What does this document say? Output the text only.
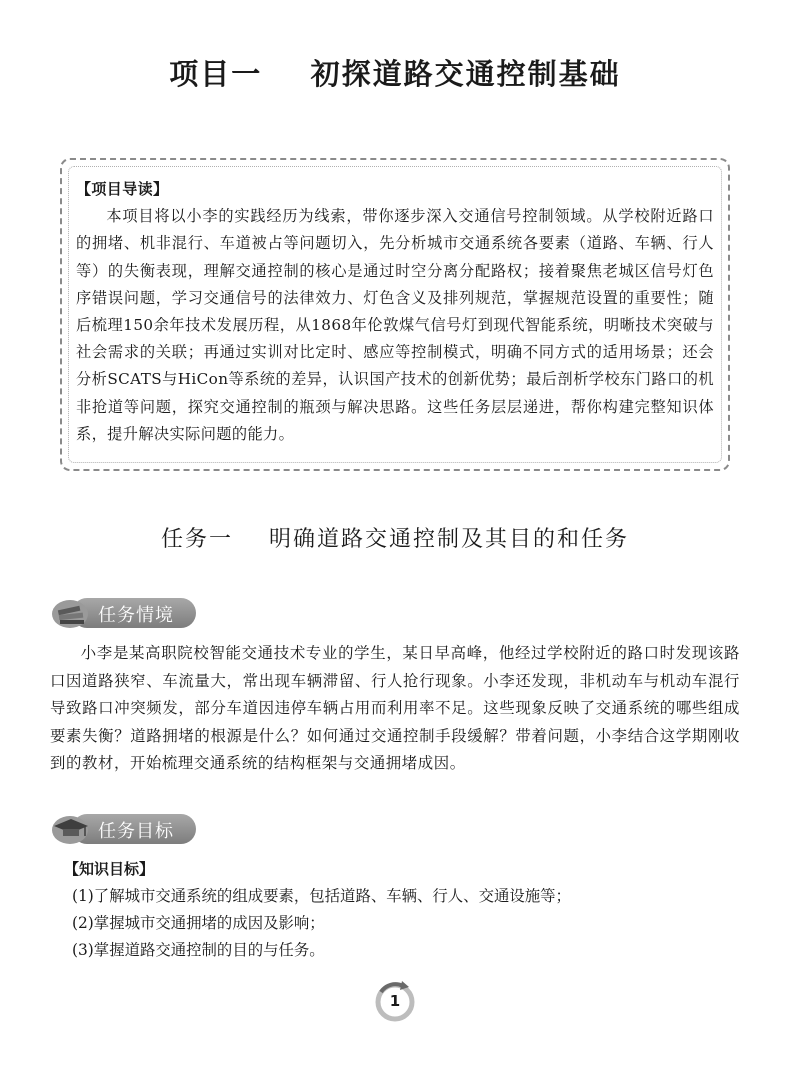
项目一    初探道路交通控制基础
【项目导读】

本项目将以小李的实践经历为线索，带你逐步深入交通信号控制领域。从学校附近路口的拥堵、机非混行、车道被占等问题切入，先分析城市交通系统各要素（道路、车辆、行人等）的失衡表现，理解交通控制的核心是通过时空分离分配路权；接着聚焦老城区信号灯色序错误问题，学习交通信号的法律效力、灯色含义及排列规范，掌握规范设置的重要性；随后梳理150余年技术发展历程，从1868年伦敦煤气信号灯到现代智能系统，明晰技术突破与社会需求的关联；再通过实训对比定时、感应等控制模式，明确不同方式的适用场景；还会分析SCATS与HiCon等系统的差异，认识国产技术的创新优势；最后剖析学校东门路口的机非抢道等问题，探究交通控制的瓶颈与解决思路。这些任务层层递进，帮你构建完整知识体系，提升解决实际问题的能力。

任务一    明确道路交通控制及其目的和任务
任务情境

小李是某高职院校智能交通技术专业的学生，某日早高峰，他经过学校附近的路口时发现该路口因道路狭窄、车流量大，常出现车辆滞留、行人抢行现象。小李还发现，非机动车与机动车混行导致路口冲突频发，部分车道因违停车辆占用而利用率不足。这些现象反映了交通系统的哪些组成要素失衡？道路拥堵的根源是什么？如何通过交通控制手段缓解？带着问题，小李结合这学期刚收到的教材，开始梳理交通系统的结构框架与交通拥堵成因。

任务目标
【知识目标】
(1)了解城市交通系统的组成要素，包括道路、车辆、行人、交通设施等；
(2)掌握城市交通拥堵的成因及影响；
(3)掌握道路交通控制的目的与任务。
1
